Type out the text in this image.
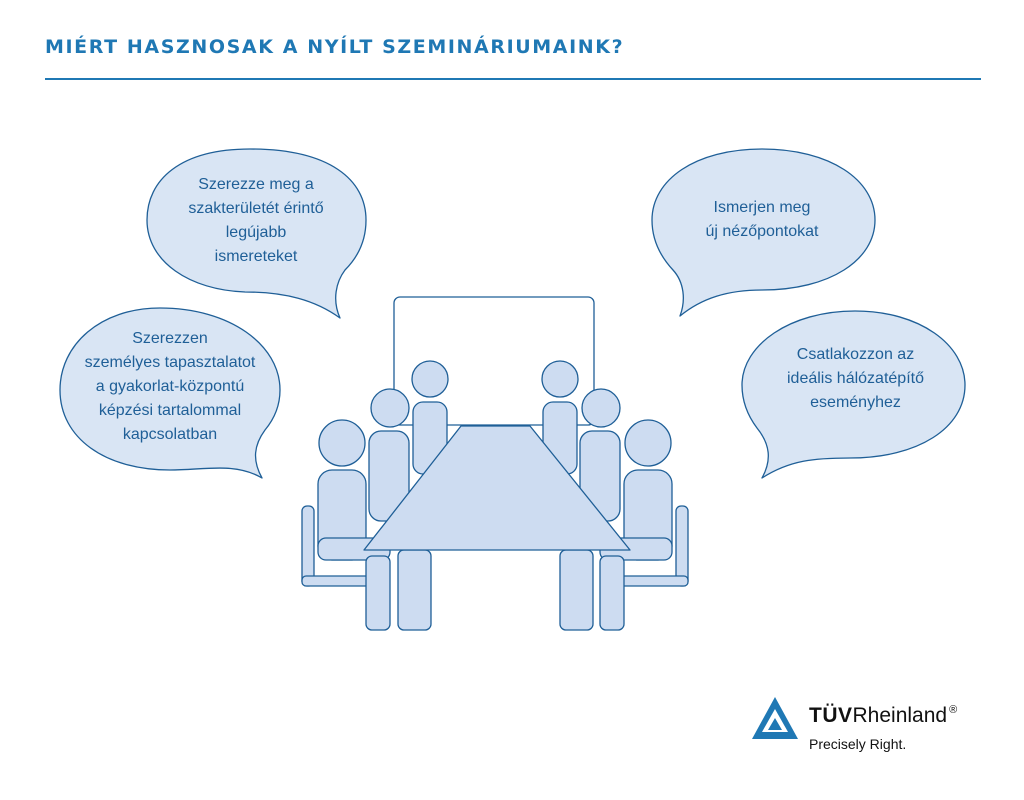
MIÉRT HASZNOSAK A NYÍLT SZEMINÁRIUMAINK?
Szerezze meg a
szakterületét érintő
legújabb
ismereteket
Szerezzen
személyes tapasztalatot
a gyakorlat-központú
képzési tartalommal
kapcsolatban
Ismerjen meg
új nézőpontokat
Csatlakozzon az
ideális hálózatépítő
eseményhez
TÜVRheinland ®
Precisely Right.
